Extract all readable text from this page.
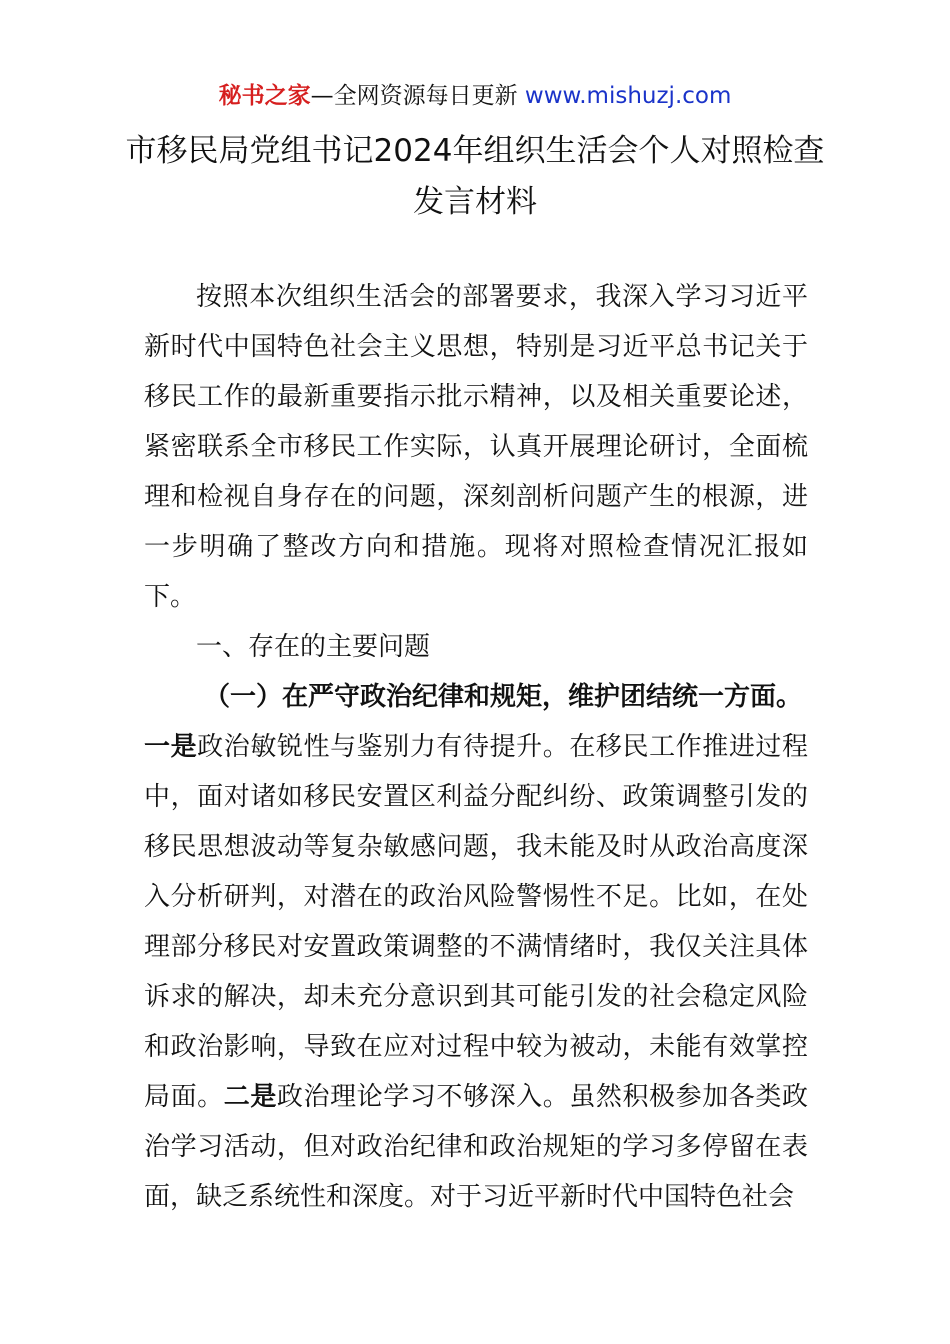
秘书之家—全网资源每日更新 www.mishuzj.com
市移民局党组书记2024年组织生活会个人对照检查发言材料

按照本次组织生活会的部署要求，我深入学习习近平新时代中国特色社会主义思想，特别是习近平总书记关于移民工作的最新重要指示批示精神，以及相关重要论述，紧密联系全市移民工作实际，认真开展理论研讨，全面梳理和检视自身存在的问题，深刻剖析问题产生的根源，进一步明确了整改方向和措施。现将对照检查情况汇报如下。

一、存在的主要问题

（一）在严守政治纪律和规矩，维护团结统一方面。

一是政治敏锐性与鉴别力有待提升。在移民工作推进过程中，面对诸如移民安置区利益分配纠纷、政策调整引发的移民思想波动等复杂敏感问题，我未能及时从政治高度深入分析研判，对潜在的政治风险警惕性不足。比如，在处理部分移民对安置政策调整的不满情绪时，我仅关注具体诉求的解决，却未充分意识到其可能引发的社会稳定风险和政治影响，导致在应对过程中较为被动，未能有效掌控局面。二是政治理论学习不够深入。虽然积极参加各类政治学习活动，但对政治纪律和政治规矩的学习多停留在表面，缺乏系统性和深度。对于习近平新时代中国特色社会
